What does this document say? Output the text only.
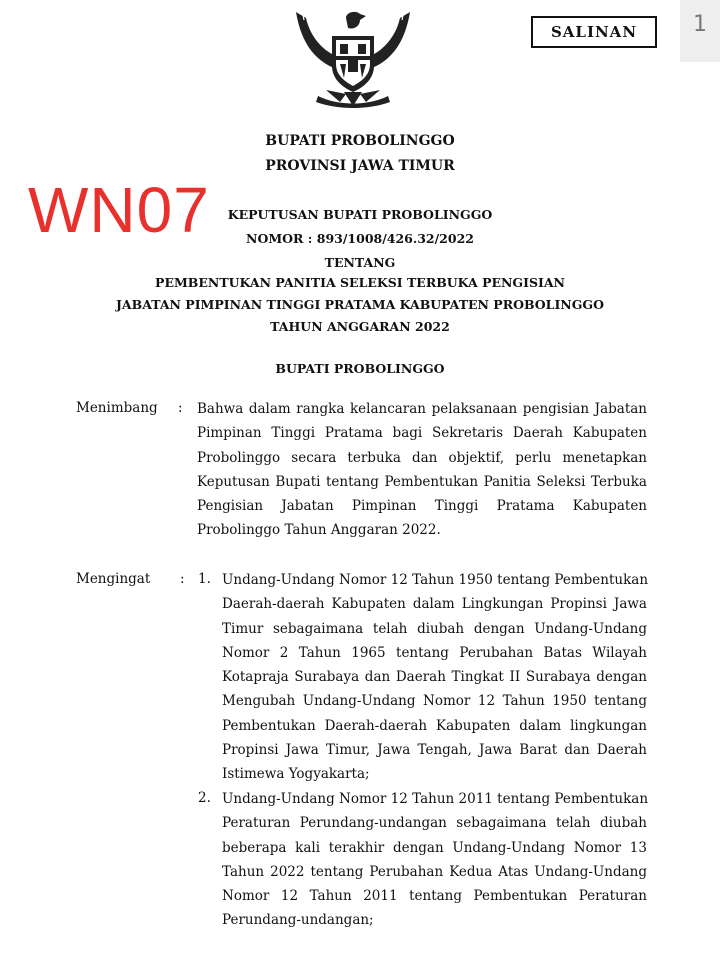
1
SALINAN
BUPATI PROBOLINGGO
PROVINSI JAWA TIMUR
WN07	KEPUTUSAN BUPATI PROBOLINGGO
NOMOR : 893/1008/426.32/2022
TENTANG
PEMBENTUKAN PANITIA SELEKSI TERBUKA PENGISIAN
JABATAN PIMPINAN TINGGI PRATAMA KABUPATEN PROBOLINGGO
TAHUN ANGGARAN 2022
BUPATI PROBOLINGGO
Menimbang : Bahwa dalam rangka kelancaran pelaksanaan pengisian Jabatan
Pimpinan Tinggi Pratama bagi Sekretaris Daerah Kabupaten
Probolinggo secara terbuka dan objektif, perlu menetapkan
Keputusan Bupati tentang Pembentukan Panitia Seleksi Terbuka
Pengisian Jabatan Pimpinan Tinggi Pratama Kabupaten
Probolinggo Tahun Anggaran 2022.
Mengingat : 1. Undang-Undang Nomor 12 Tahun 1950 tentang Pembentukan
Daerah-daerah Kabupaten dalam Lingkungan Propinsi Jawa
Timur sebagaimana telah diubah dengan Undang-Undang
Nomor 2 Tahun 1965 tentang Perubahan Batas Wilayah
Kotapraja Surabaya dan Daerah Tingkat II Surabaya dengan
Mengubah Undang-Undang Nomor 12 Tahun 1950 tentang
Pembentukan Daerah-daerah Kabupaten dalam lingkungan
Propinsi Jawa Timur, Jawa Tengah, Jawa Barat dan Daerah
Istimewa Yogyakarta;
2. Undang-Undang Nomor 12 Tahun 2011 tentang Pembentukan
Peraturan Perundang-undangan sebagaimana telah diubah
beberapa kali terakhir dengan Undang-Undang Nomor 13
Tahun 2022 tentang Perubahan Kedua Atas Undang-Undang
Nomor 12 Tahun 2011 tentang Pembentukan Peraturan
Perundang-undangan;
